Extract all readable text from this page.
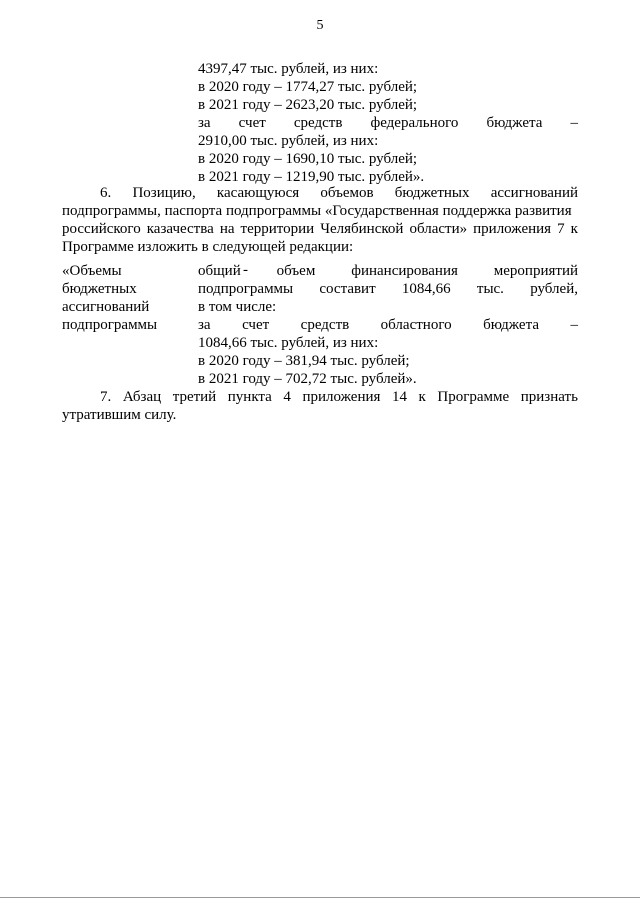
5
4397,47 тыс. рублей, из них:
в 2020 году – 1774,27 тыс. рублей;
в 2021 году – 2623,20 тыс. рублей;
за счет средств федерального бюджета –
2910,00 тыс. рублей, из них:
в 2020 году – 1690,10 тыс. рублей;
в 2021 году – 1219,90 тыс. рублей».
6. Позицию, касающуюся объемов бюджетных ассигнований
подпрограммы, паспорта подпрограммы «Государственная поддержка развития
российского казачества на территории Челябинской области» приложения 7 к
Программе изложить в следующей редакции:
«Объемы
бюджетных
ассигнований
подпрограммы
-
общий объем финансирования мероприятий
подпрограммы составит 1084,66 тыс. рублей,
в том числе:
за счет средств областного бюджета –
1084,66 тыс. рублей, из них:
в 2020 году – 381,94 тыс. рублей;
в 2021 году – 702,72 тыс. рублей».
7. Абзац третий пункта 4 приложения 14 к Программе признать
утратившим силу.
